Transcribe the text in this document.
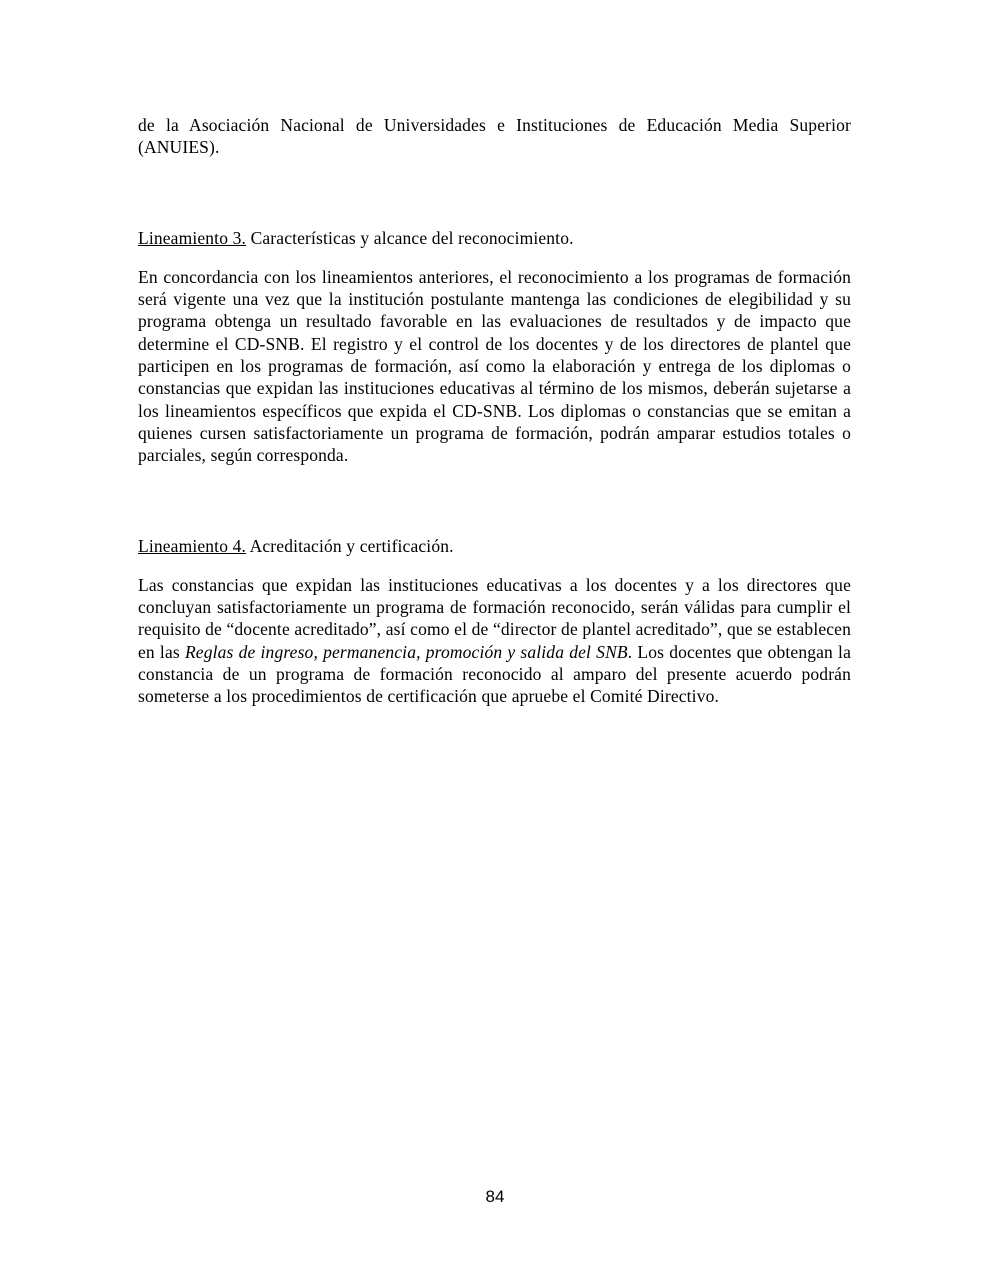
de la Asociación Nacional de Universidades e Instituciones de Educación Media Superior (ANUIES).

Lineamiento 3. Características y alcance del reconocimiento.

En concordancia con los lineamientos anteriores, el reconocimiento a los programas de formación será vigente una vez que la institución postulante mantenga las condiciones de elegibilidad y su programa obtenga un resultado favorable en las evaluaciones de resultados y de impacto que determine el CD-SNB. El registro y el control de los docentes y de los directores de plantel que participen en los programas de formación, así como la elaboración y entrega de los diplomas o constancias que expidan las instituciones educativas al término de los mismos, deberán sujetarse a los lineamientos específicos que expida el CD-SNB. Los diplomas o constancias que se emitan a quienes cursen satisfactoriamente un programa de formación, podrán amparar estudios totales o parciales, según corresponda.

Lineamiento 4. Acreditación y certificación.

Las constancias que expidan las instituciones educativas a los docentes y a los directores que concluyan satisfactoriamente un programa de formación reconocido, serán válidas para cumplir el requisito de “docente acreditado”, así como el de “director de plantel acreditado”, que se establecen en las Reglas de ingreso, permanencia, promoción y salida del SNB. Los docentes que obtengan la constancia de un programa de formación reconocido al amparo del presente acuerdo podrán someterse a los procedimientos de certificación que apruebe el Comité Directivo.

84
